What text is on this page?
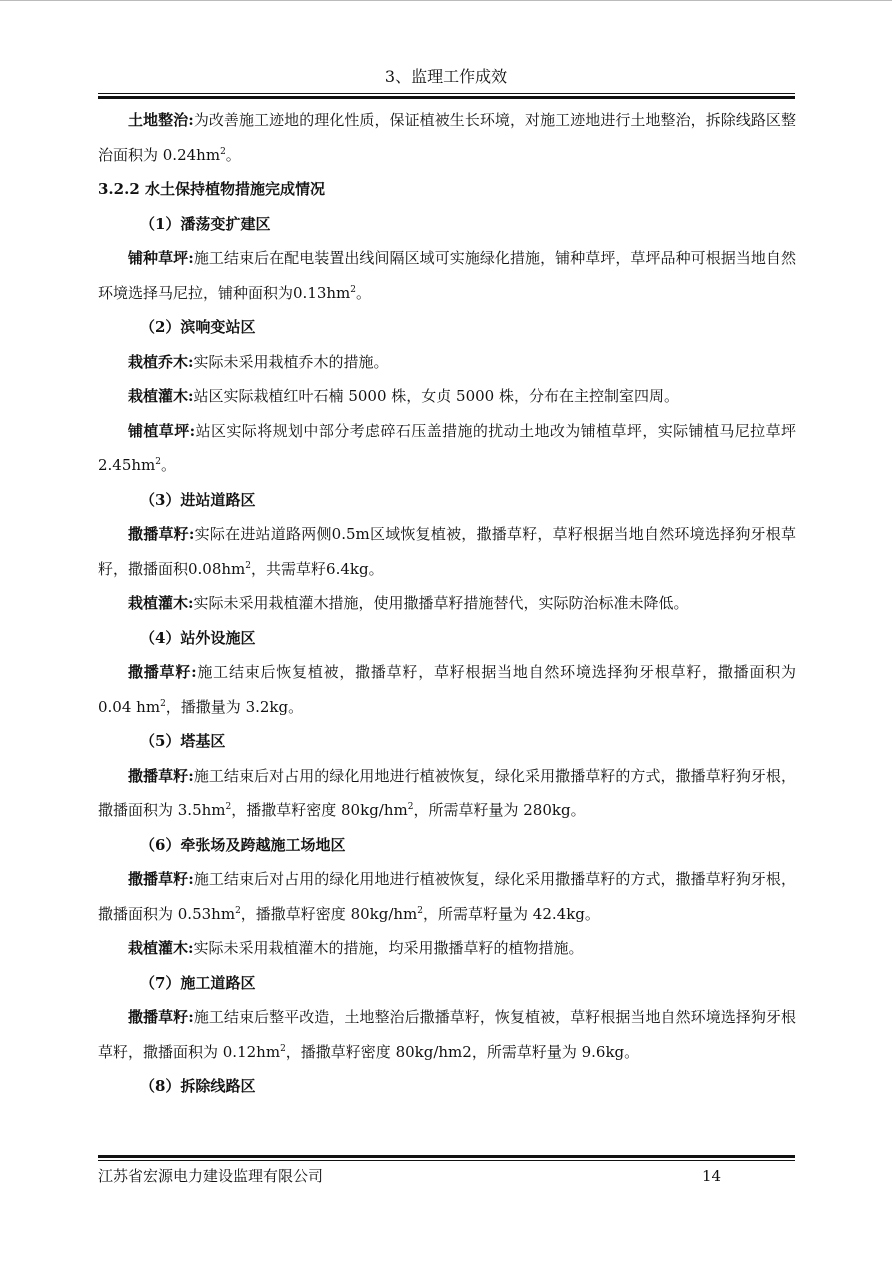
3、监理工作成效

土地整治:为改善施工迹地的理化性质，保证植被生长环境，对施工迹地进行土地整治，拆除线路区整治面积为 $0.24hm^2$。

3.2.2 水土保持植物措施完成情况

（1）潘荡变扩建区

铺种草坪:施工结束后在配电装置出线间隔区域可实施绿化措施，铺种草坪，草坪品种可根据当地自然环境选择马尼拉，铺种面积为$0.13hm^2$。

（2）滨响变站区

栽植乔木:实际未采用栽植乔木的措施。

栽植灌木:站区实际栽植红叶石楠 5000 株，女贞 5000 株，分布在主控制室四周。

铺植草坪:站区实际将规划中部分考虑碎石压盖措施的扰动土地改为铺植草坪，实际铺植马尼拉草坪 $2.45hm^2$。

（3）进站道路区

撒播草籽:实际在进站道路两侧0.5m区域恢复植被，撒播草籽，草籽根据当地自然环境选择狗牙根草籽，撒播面积$0.08hm^2$，共需草籽6.4kg。

栽植灌木:实际未采用栽植灌木措施，使用撒播草籽措施替代，实际防治标准未降低。

（4）站外设施区

撒播草籽:施工结束后恢复植被，撒播草籽，草籽根据当地自然环境选择狗牙根草籽，撒播面积为 0.04 $hm^2$，播撒量为 3.2kg。

（5）塔基区

撒播草籽:施工结束后对占用的绿化用地进行植被恢复，绿化采用撒播草籽的方式，撒播草籽狗牙根，撒播面积为 $3.5hm^2$，播撒草籽密度 $80kg/hm^2$，所需草籽量为 280kg。

（6）牵张场及跨越施工场地区

撒播草籽:施工结束后对占用的绿化用地进行植被恢复，绿化采用撒播草籽的方式，撒播草籽狗牙根，撒播面积为 $0.53hm^2$，播撒草籽密度 $80kg/hm^2$，所需草籽量为 42.4kg。

栽植灌木:实际未采用栽植灌木的措施，均采用撒播草籽的植物措施。

（7）施工道路区

撒播草籽:施工结束后整平改造，土地整治后撒播草籽，恢复植被，草籽根据当地自然环境选择狗牙根草籽，撒播面积为 $0.12hm^2$，播撒草籽密度 80kg/hm2，所需草籽量为 9.6kg。

（8）拆除线路区

江苏省宏源电力建设监理有限公司	14
